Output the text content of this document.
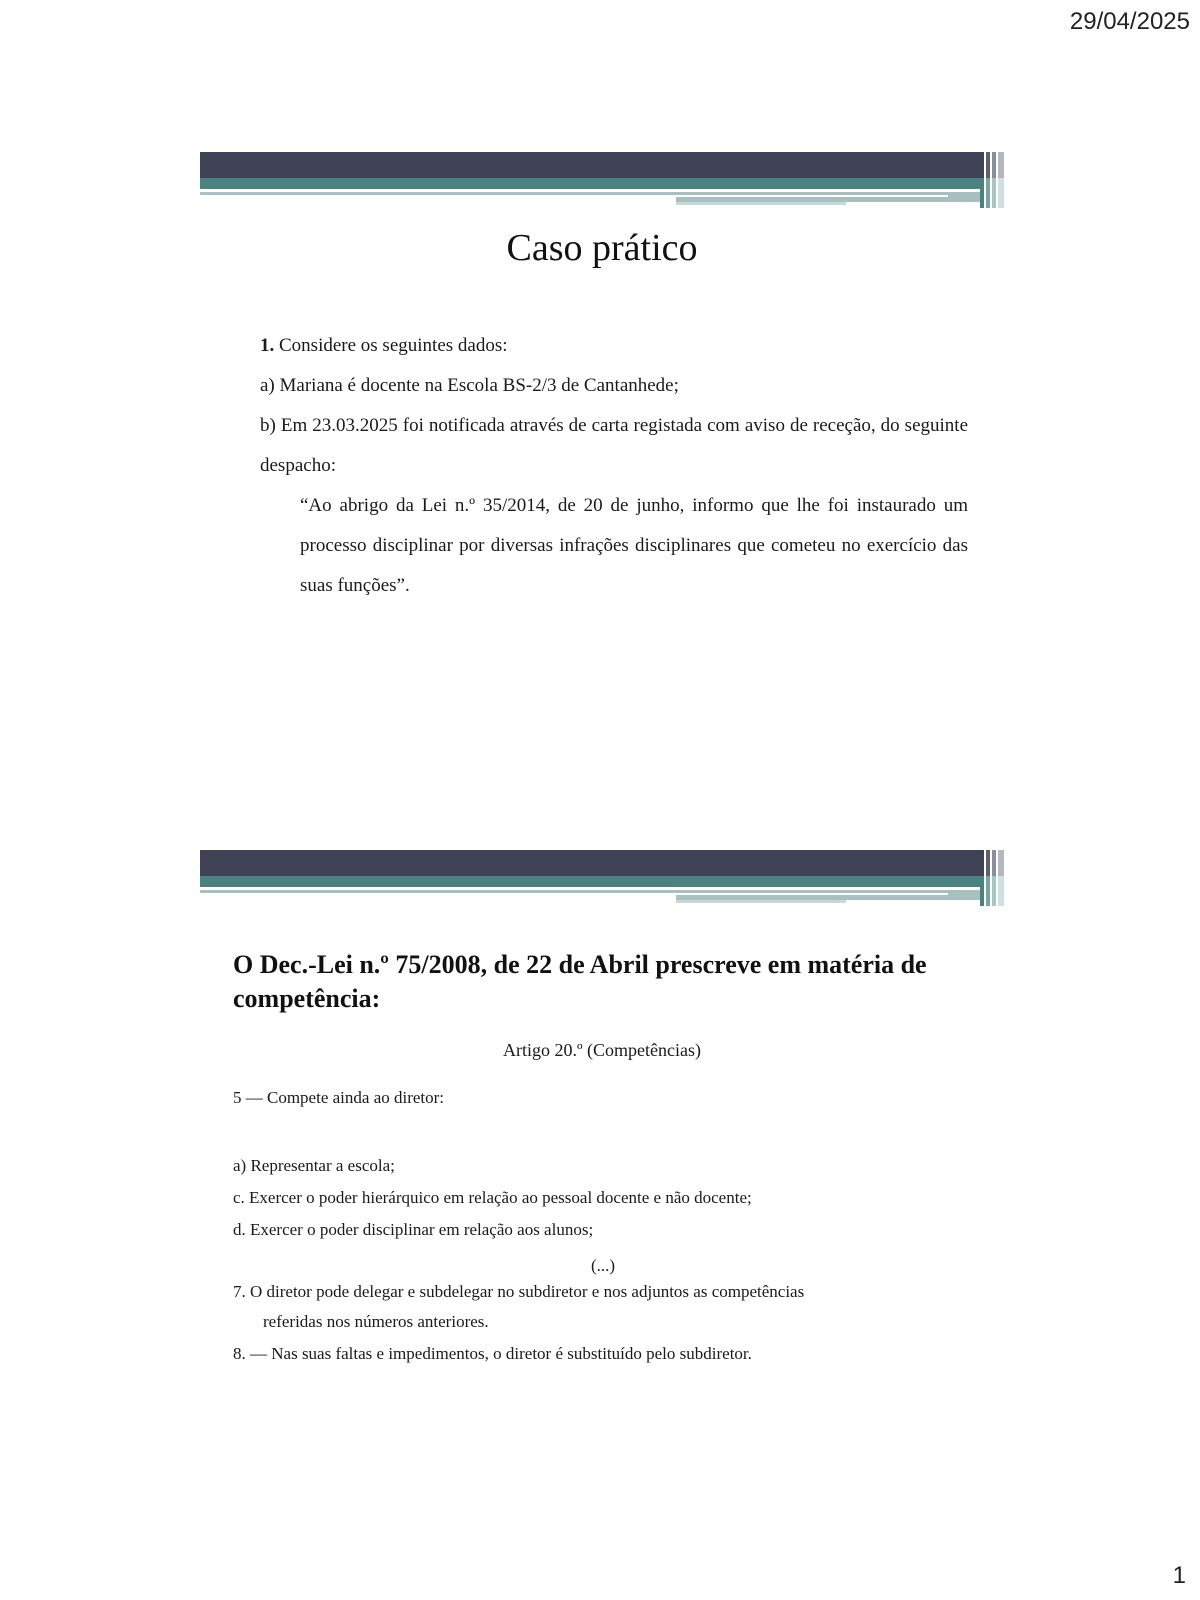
29/04/2025
Caso prático

1. Considere os seguintes dados:

a) Mariana é docente na Escola BS-2/3 de Cantanhede;

b) Em 23.03.2025 foi notificada através de carta registada com aviso de receção, do seguinte despacho:

“Ao abrigo da Lei n.º 35/2014, de 20 de junho, informo que lhe foi instaurado um processo disciplinar por diversas infrações disciplinares que cometeu no exercício das suas funções”.

O Dec.-Lei n.º 75/2008, de 22 de Abril prescreve em matéria de competência:
Artigo 20.º (Competências)
5 — Compete ainda ao diretor:
a) Representar a escola;
c. Exercer o poder hierárquico em relação ao pessoal docente e não docente;
d. Exercer o poder disciplinar em relação aos alunos;
(...)
7. O diretor pode delegar e subdelegar no subdiretor e nos adjuntos as competências
referidas nos números anteriores.
8. — Nas suas faltas e impedimentos, o diretor é substituído pelo subdiretor.
1
